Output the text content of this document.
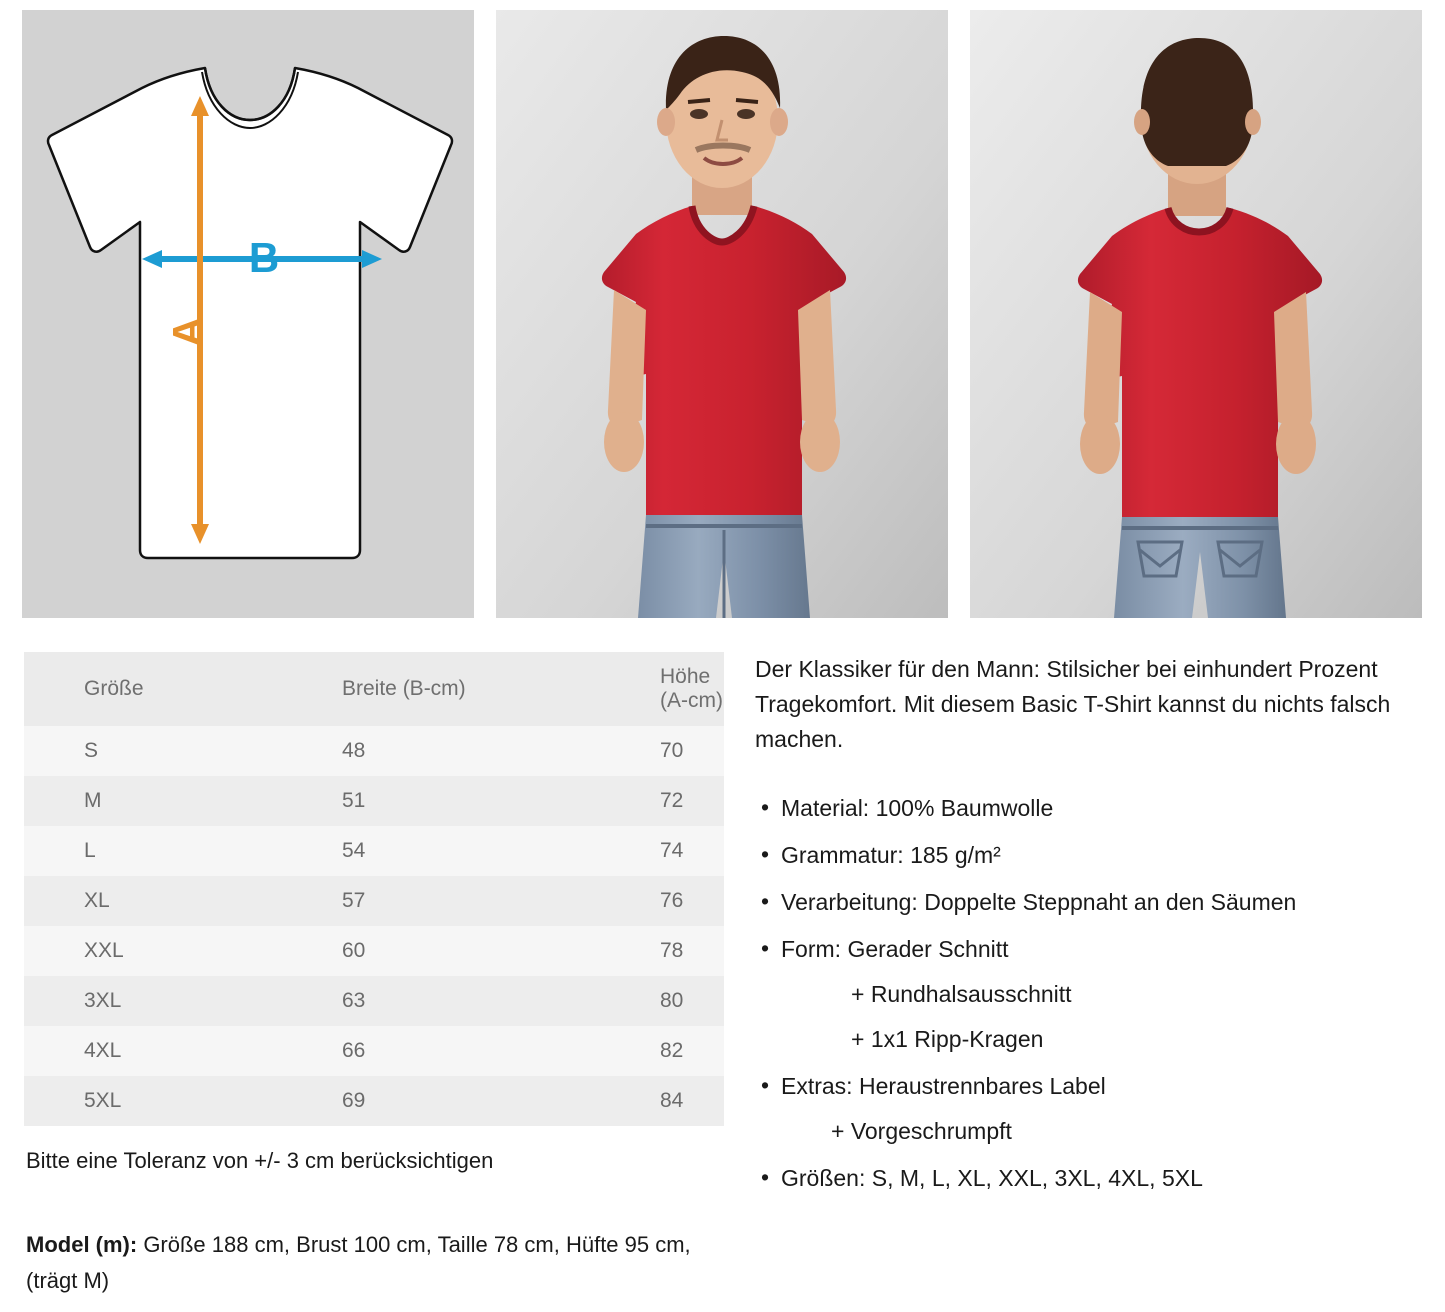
B
A
Größe	Breite (B-cm)	Höhe (A-cm)
S	48	70
M	51	72
L	54	74
XL	57	76
XXL	60	78
3XL	63	80
4XL	66	82
5XL	69	84
Bitte eine Toleranz von +/- 3 cm berücksichtigen
Model (m): Größe 188 cm, Brust 100 cm, Taille 78 cm, Hüfte 95 cm, (trägt M)

Der Klassiker für den Mann: Stilsicher bei einhundert Prozent Tragekomfort. Mit diesem Basic T-Shirt kannst du nichts falsch machen.

• Material: 100% Baumwolle
• Grammatur: 185 g/m²
• Verarbeitung: Doppelte Steppnaht an den Säumen
• Form: Gerader Schnitt
+ Rundhalsausschnitt
+ 1x1 Ripp-Kragen
• Extras: Heraustrennbares Label
+ Vorgeschrumpft
• Größen: S, M, L, XL, XXL, 3XL, 4XL, 5XL
